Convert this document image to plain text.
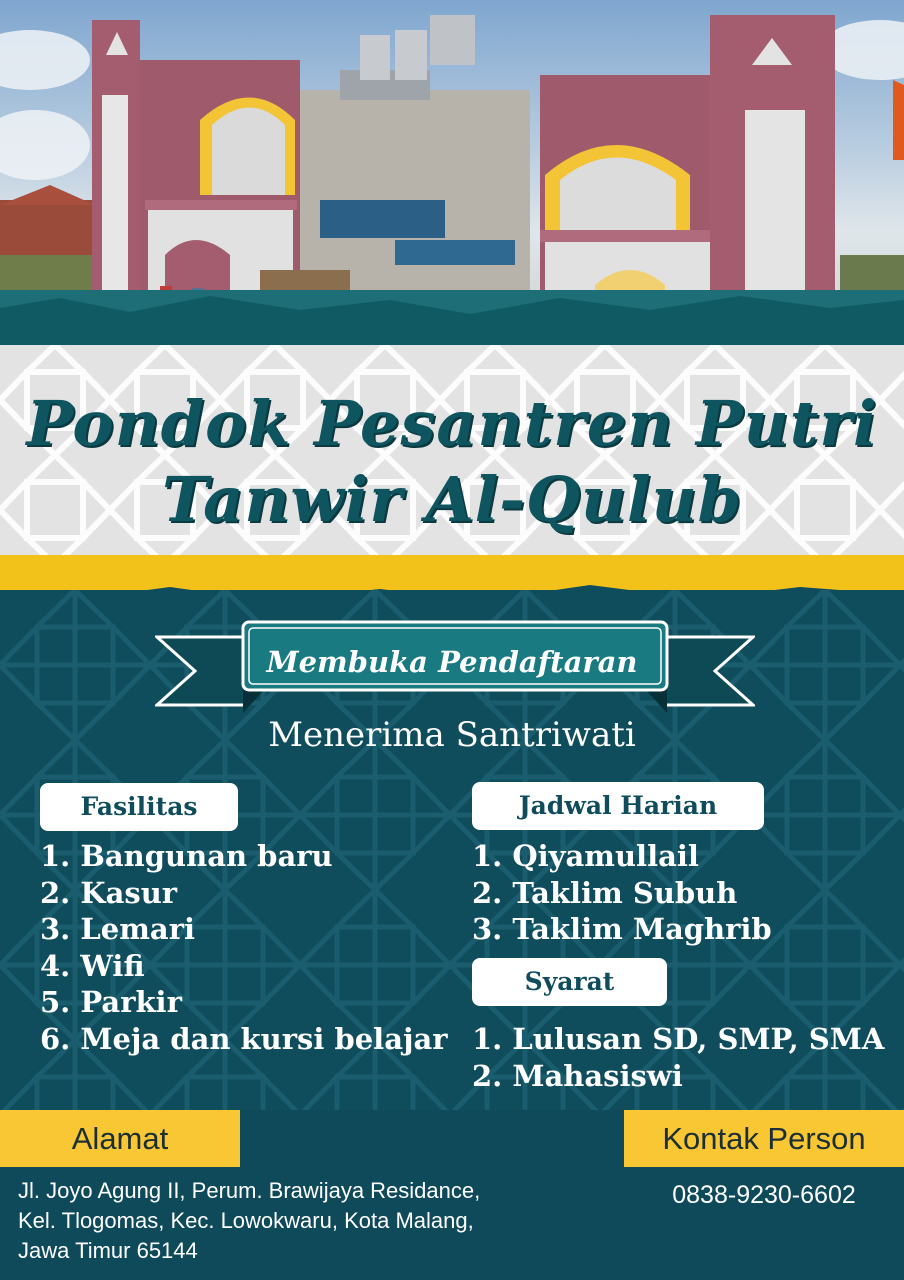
Pondok Pesantren Putri
Tanwir Al-Qulub
Membuka Pendaftaran
Menerima Santriwati
Fasilitas
1. Bangunan baru
2. Kasur
3. Lemari
4. Wifi
5. Parkir
6. Meja dan kursi belajar
Jadwal Harian
1. Qiyamullail
2. Taklim Subuh
3. Taklim Maghrib
Syarat
1. Lulusan SD, SMP, SMA
2. Mahasiswi
Alamat
Jl. Joyo Agung II, Perum. Brawijaya Residance,
Kel. Tlogomas, Kec. Lowokwaru, Kota Malang,
Jawa Timur 65144
Kontak Person
0838-9230-6602
